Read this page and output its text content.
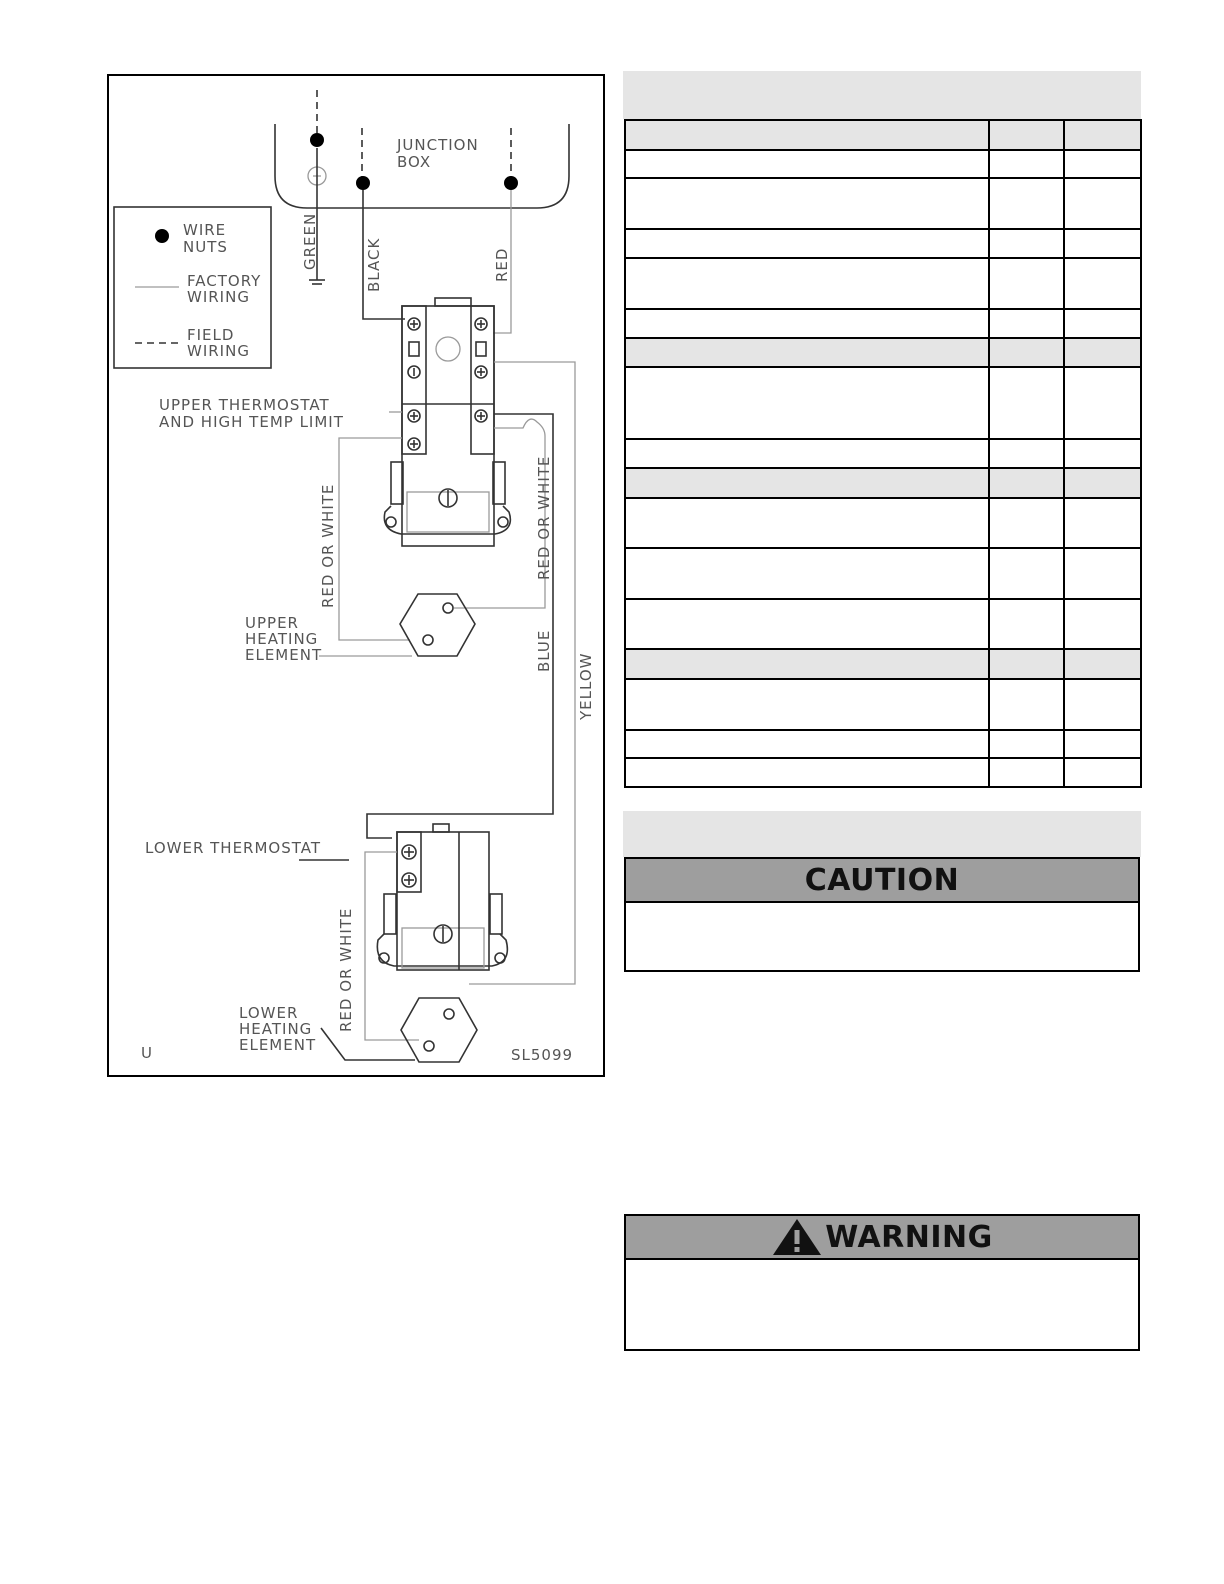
JUNCTION
BOX
WIRE
NUTS
FACTORY
WIRING
FIELD
WIRING
GREEN	BLACK	RED
UPPER THERMOSTAT
AND HIGH TEMP LIMIT
RED OR WHITE	RED OR WHITE
UPPER
HEATING
ELEMENT	BLUE
YELLOW
LOWER THERMOSTAT
RED OR WHITE
LOWER
HEATING
ELEMENT
U	SL5099

CAUTION
WARNING
